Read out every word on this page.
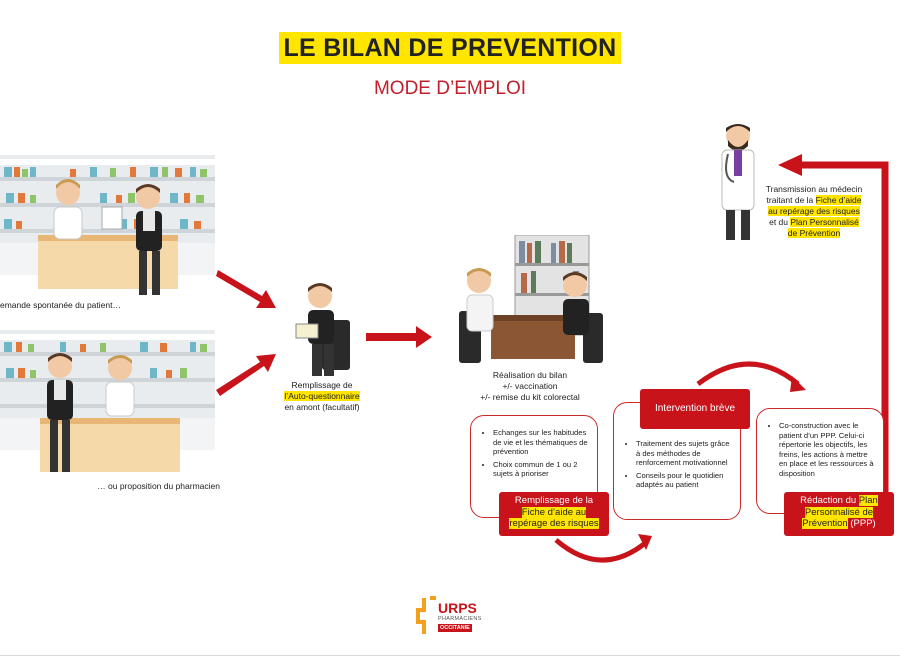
LE BILAN DE PREVENTION
MODE D’EMPLOI
emande spontanée du patient…
… ou proposition du pharmacien
Remplissage de
l’Auto-questionnaire
en amont (facultatif)
Réalisation du bilan
+/- vaccination
+/- remise du kit colorectal
Transmission au médecin
traitant de la Fiche d’aide
au repérage des risques
et du Plan Personnalisé
de Prévention
• Echanges sur les habitudes de vie et les thématiques de prévention
• Choix commun de 1 ou 2 sujets à prioriser
Remplissage de la
Fiche d’aide au
repérage des risques
• Traitement des sujets grâce à des méthodes de renforcement motivationnel
• Conseils pour le quotidien adaptés au patient
Intervention brève
• Co-construction avec le patient d’un PPP. Celui-ci répertorie les objectifs, les freins, les actions à mettre en place et les ressources à disposition
Rédaction du Plan
Personnalisé de
Prévention (PPP)
URPS
PHARMACIENS
OCCITANIE
